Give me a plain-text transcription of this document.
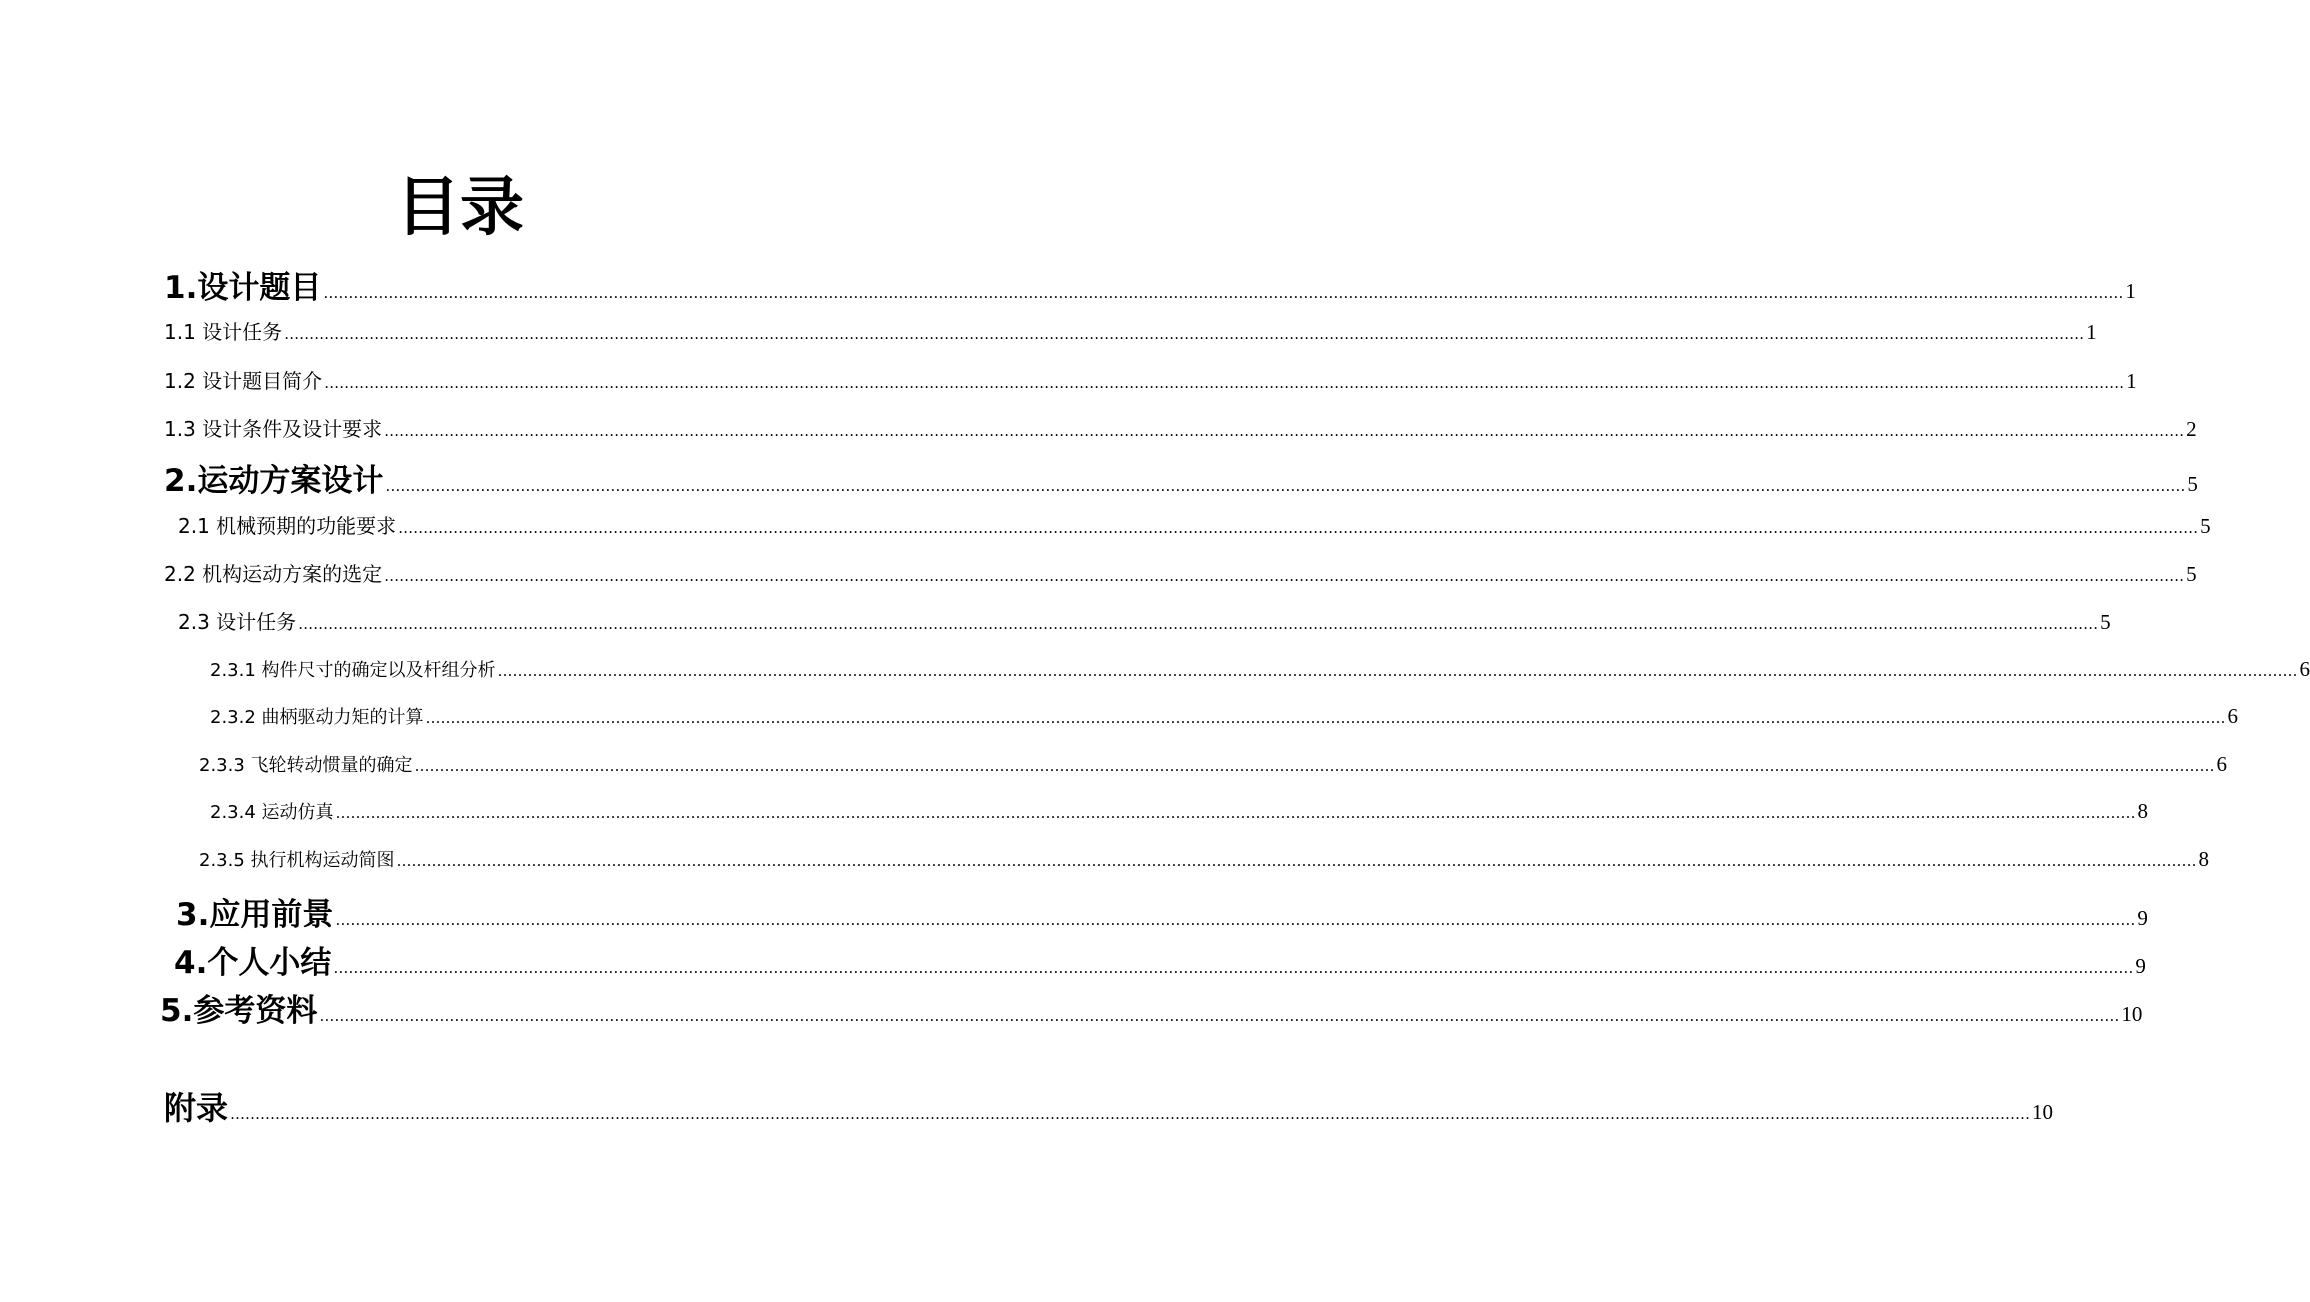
目录
1.设计题目 ……………………………………………………………………………………………………………………………………………………………………………………………………………………………………………………………………………………………………………………………… 1
1.1 设计任务 ……………………………………………………………………………………………………………………………………………………………………………………………………………………………………………………………………………………………………………………………… 1
1.2 设计题目简介 ……………………………………………………………………………………………………………………………………………………………………………………………………………………………………………………………………………………………………………………………… 1
1.3 设计条件及设计要求 ……………………………………………………………………………………………………………………………………………………………………………………………………………………………………………………………………………………………………………………………… 2
2.运动方案设计 ……………………………………………………………………………………………………………………………………………………………………………………………………………………………………………………………………………………………………………………………… 5
2.1 机械预期的功能要求 ……………………………………………………………………………………………………………………………………………………………………………………………………………………………………………………………………………………………………………………………… 5
2.2 机构运动方案的选定 ……………………………………………………………………………………………………………………………………………………………………………………………………………………………………………………………………………………………………………………………… 5
2.3 设计任务 ……………………………………………………………………………………………………………………………………………………………………………………………………………………………………………………………………………………………………………………………… 5
2.3.1 构件尺寸的确定以及杆组分析 ……………………………………………………………………………………………………………………………………………………………………………………………………………………………………………………………………………………………………………………………… 6
2.3.2 曲柄驱动力矩的计算 ……………………………………………………………………………………………………………………………………………………………………………………………………………………………………………………………………………………………………………………………… 6
2.3.3 飞轮转动惯量的确定 ……………………………………………………………………………………………………………………………………………………………………………………………………………………………………………………………………………………………………………………………… 6
2.3.4 运动仿真 ……………………………………………………………………………………………………………………………………………………………………………………………………………………………………………………………………………………………………………………………… 8
2.3.5 执行机构运动简图 ……………………………………………………………………………………………………………………………………………………………………………………………………………………………………………………………………………………………………………………………… 8
3.应用前景 ……………………………………………………………………………………………………………………………………………………………………………………………………………………………………………………………………………………………………………………………… 9
4.个人小结 ……………………………………………………………………………………………………………………………………………………………………………………………………………………………………………………………………………………………………………………………… 9
5.参考资料 ……………………………………………………………………………………………………………………………………………………………………………………………………………………………………………………………………………………………………………………………… 10
附录 ……………………………………………………………………………………………………………………………………………………………………………………………………………………………………………………………………………………………………………………………… 10
